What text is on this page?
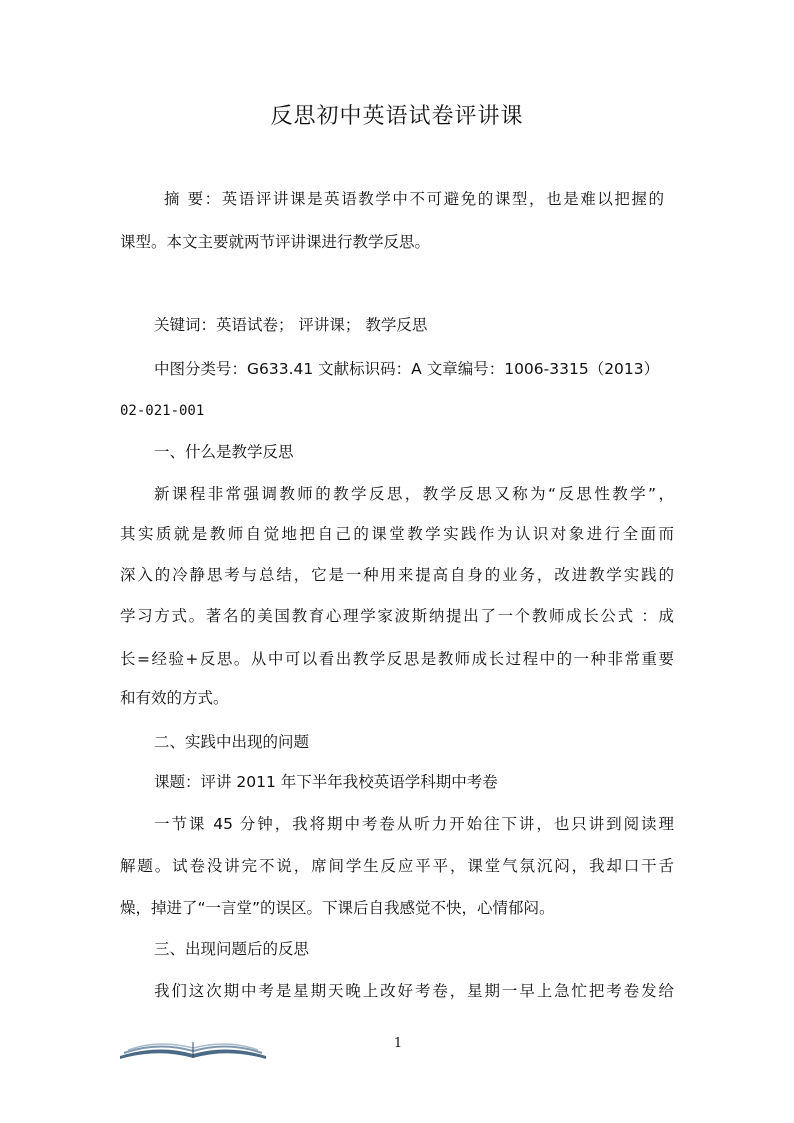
反思初中英语试卷评讲课
摘 要：英语评讲课是英语教学中不可避免的课型，也是难以把握的
课型。本文主要就两节评讲课进行教学反思。
关键词：英语试卷； 评讲课； 教学反思
中图分类号：G633.41 文献标识码：A 文章编号：1006-3315（2013）
02-021-001
一、什么是教学反思
新课程非常强调教师的教学反思，教学反思又称为“反思性教学”，
其实质就是教师自觉地把自己的课堂教学实践作为认识对象进行全面而
深入的冷静思考与总结，它是一种用来提高自身的业务，改进教学实践的
学习方式。著名的美国教育心理学家波斯纳提出了一个教师成长公式 ：成
长=经验+反思。从中可以看出教学反思是教师成长过程中的一种非常重要
和有效的方式。
二、实践中出现的问题
课题：评讲 2011 年下半年我校英语学科期中考卷
一节课 45 分钟，我将期中考卷从听力开始往下讲，也只讲到阅读理
解题。试卷没讲完不说，席间学生反应平平，课堂气氛沉闷，我却口干舌
燥，掉进了“一言堂”的误区。下课后自我感觉不快，心情郁闷。
三、出现问题后的反思
我们这次期中考是星期天晚上改好考卷，星期一早上急忙把考卷发给
1
